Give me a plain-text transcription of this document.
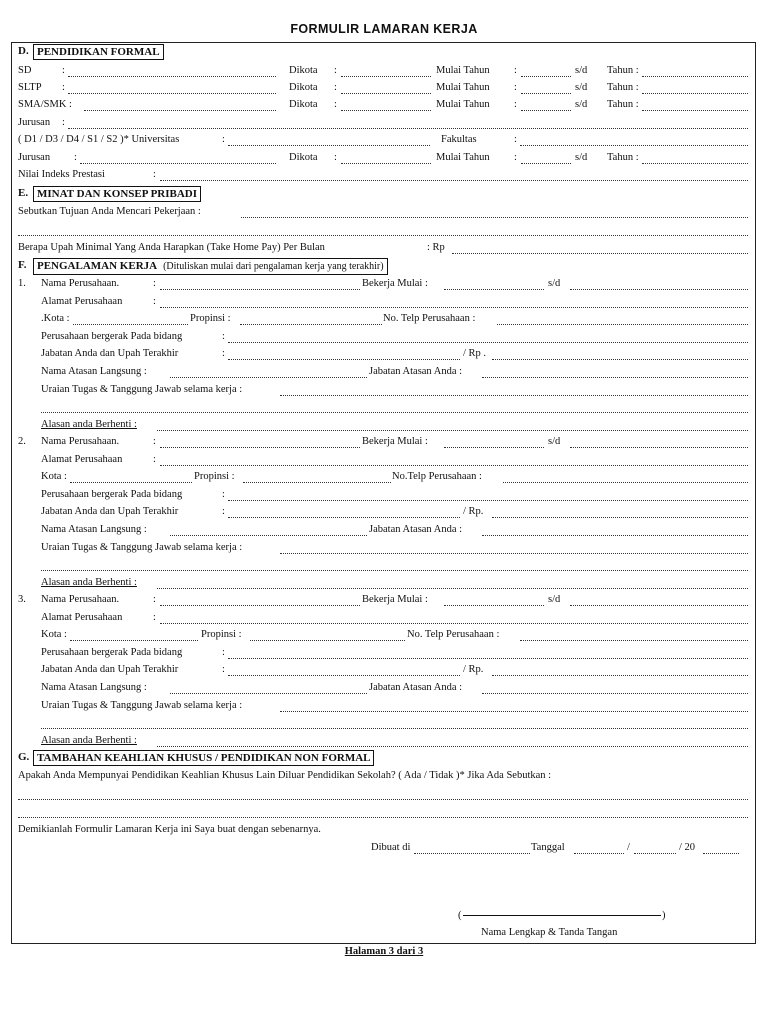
FORMULIR LAMARAN KERJA
D. PENDIDIKAN FORMAL
SD	:	Dikota :	Mulai Tahun :	s/d Tahun :
SLTP :	Dikota :	Mulai Tahun :	s/d Tahun :
SMA/SMK :	Dikota :	Mulai Tahun :	s/d Tahun :
Jurusan :
( D1 / D3 / D4 / S1 / S2 )* Universitas	:	Fakultas	:
Jurusan :	Dikota :	Mulai Tahun :	s/d Tahun :
Nilai Indeks Prestasi	:
E. MINAT DAN KONSEP PRIBADI
Sebutkan Tujuan Anda Mencari Pekerjaan :
Berapa Upah Minimal Yang Anda Harapkan (Take Home Pay) Per Bulan	: Rp
F. PENGALAMAN KERJA (Dituliskan mulai dari pengalaman kerja yang terakhir)
1. Nama Perusahaan.	:	Bekerja Mulai :	s/d
Alamat Perusahaan	:
.Kota :	Propinsi :	No. Telp Perusahaan :
Perusahaan bergerak Pada bidang	:
Jabatan Anda dan Upah Terakhir	:	/ Rp .
Nama Atasan Langsung :	Jabatan Atasan Anda :
Uraian Tugas & Tanggung Jawab selama kerja :
Alasan anda Berhenti :
2. Nama Perusahaan.	:	Bekerja Mulai :	s/d
Alamat Perusahaan	:
Kota :	Propinsi :	No.Telp Perusahaan :
Perusahaan bergerak Pada bidang	:
Jabatan Anda dan Upah Terakhir	:	/ Rp.
Nama Atasan Langsung :	Jabatan Atasan Anda :
Uraian Tugas & Tanggung Jawab selama kerja :
Alasan anda Berhenti :
3. Nama Perusahaan.	:	Bekerja Mulai :	s/d
Alamat Perusahaan	:
Kota :	Propinsi :	No. Telp Perusahaan :
Perusahaan bergerak Pada bidang	:
Jabatan Anda dan Upah Terakhir	:	/ Rp.
Nama Atasan Langsung :	Jabatan Atasan Anda :
Uraian Tugas & Tanggung Jawab selama kerja :
Alasan anda Berhenti :
G. TAMBAHAN KEAHLIAN KHUSUS / PENDIDIKAN NON FORMAL
Apakah Anda Mempunyai Pendidikan Keahlian Khusus Lain Diluar Pendidikan Sekolah? ( Ada / Tidak )* Jika Ada Sebutkan :
Demikianlah Formulir Lamaran Kerja ini Saya buat dengan sebenarnya.
Dibuat di	Tanggal	/	/ 20
(	)
Nama Lengkap & Tanda Tangan
Halaman 3 dari 3
